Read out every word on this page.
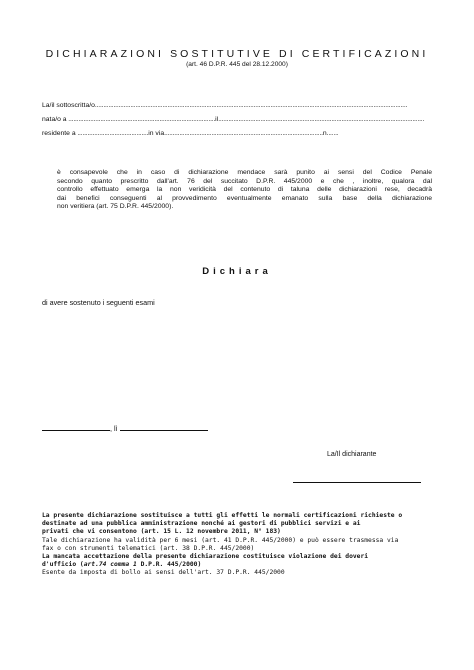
DICHIARAZIONI SOSTITUTIVE DI CERTIFICAZIONI
(art. 46 D.P.R. 445 del 28.12.2000)
La/il sottoscritta/o.........................................................................................................................................................................................
nata/o a .......................................................................................il..........................................................................................................................
residente a ..........................................in via..............................................................................................n.......
è consapevole che in caso di dichiarazione mendace sarà punito ai sensi del Codice Penale
secondo quanto prescritto dall'art. 76 del succitato D.P.R. 445/2000 e che , inoltre, qualora dal
controllo effettuato emerga la non veridicità del contenuto di taluna delle dichiarazioni rese, decadrà
dai benefici conseguenti al provvedimento eventualmente emanato sulla base della dichiarazione
non veritiera (art. 75 D.P.R. 445/2000).
Dichiara
di avere sostenuto i seguenti esami
, lì
La/Il dichiarante
La presente dichiarazione sostituisce a tutti gli effetti le normali certificazioni richieste o
destinate ad una pubblica amministrazione nonché ai gestori di pubblici servizi e ai
privati che vi consentono (art. 15 L. 12 novembre 2011, N° 183)
Tale dichiarazione ha validità per 6 mesi (art. 41 D.P.R. 445/2000) e può essere trasmessa via
fax o con strumenti telematici (art. 38 D.P.R. 445/2000)
La mancata accettazione della presente dichiarazione costituisce violazione dei doveri
d'ufficio (art.74 comma 1 D.P.R. 445/2000)
Esente da imposta di bollo ai sensi dell'art. 37 D.P.R. 445/2000
